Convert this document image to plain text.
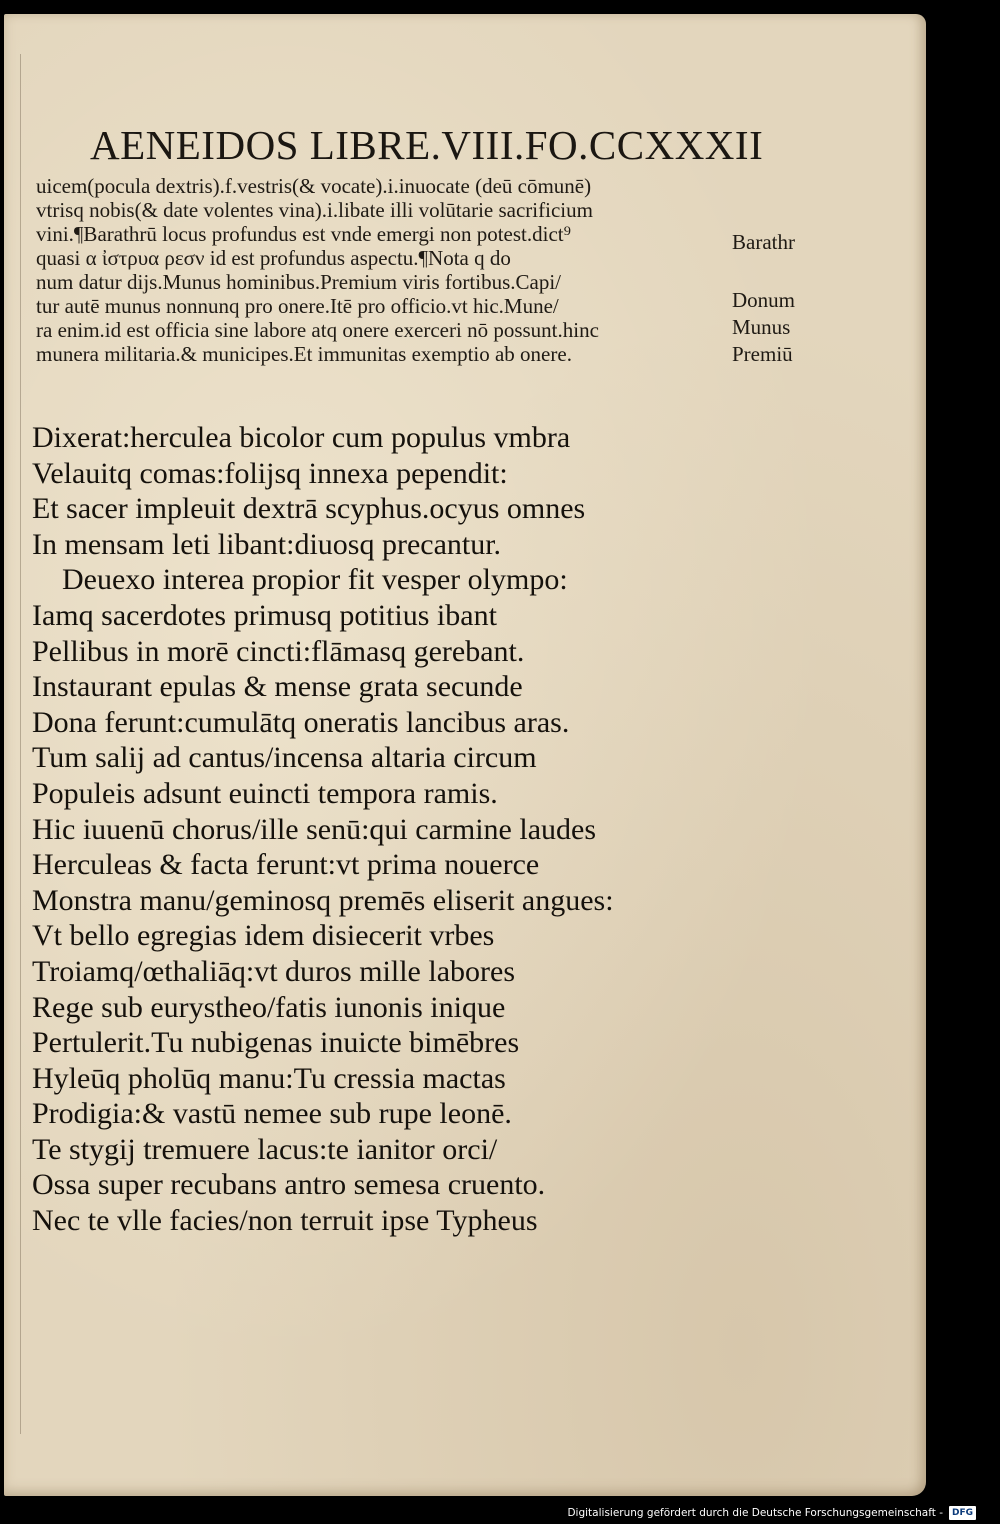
AENEIDOS LIBRE.VIII.FO.CCXXXII
uicem(pocula dextris).f.vestris(& vocate).i.inuocate (deū cōmunē)
vtrisq nobis(& date volentes vina).i.libate illi volūtarie sacrificium
vini.¶Barathrū locus profundus est vnde emergi non potest.dict⁹
quasi α ἰστρυα ρεσν id est profundus aspectu.¶Nota q do
num datur dijs.Munus hominibus.Premium viris fortibus.Capi/
tur autē munus nonnunq pro onere.Itē pro officio.vt hic.Mune/
ra enim.id est officia sine labore atq onere exerceri nō possunt.hinc
munera militaria.& municipes.Et immunitas exemptio ab onere.
Barathr
Donum
Munus
Premiū
Dixerat:herculea bicolor cum populus vmbra
Velauitq comas:folijsq innexa pependit:
Et sacer impleuit dextrā scyphus.ocyus omnes
In mensam leti libant:diuosq precantur.
Deuexo interea propior fit vesper olympo:
Iamq sacerdotes primusq potitius ibant
Pellibus in morē cincti:flāmasq gerebant.
Instaurant epulas & mense grata secunde
Dona ferunt:cumulātq oneratis lancibus aras.
Tum salij ad cantus/incensa altaria circum
Populeis adsunt euincti tempora ramis.
Hic iuuenū chorus/ille senū:qui carmine laudes
Herculeas & facta ferunt:vt prima nouerce
Monstra manu/geminosq premēs eliserit angues:
Vt bello egregias idem disiecerit vrbes
Troiamq/œthaliāq:vt duros mille labores
Rege sub eurystheo/fatis iunonis inique
Pertulerit.Tu nubigenas inuicte bimēbres
Hyleūq pholūq manu:Tu cressia mactas
Prodigia:& vastū nemee sub rupe leonē.
Te stygij tremuere lacus:te ianitor orci/
Ossa super recubans antro semesa cruento.
Nec te vlle facies/non terruit ipse Typheus
Digitalisierung gefördert durch die Deutsche Forschungsgemeinschaft -	DFG
